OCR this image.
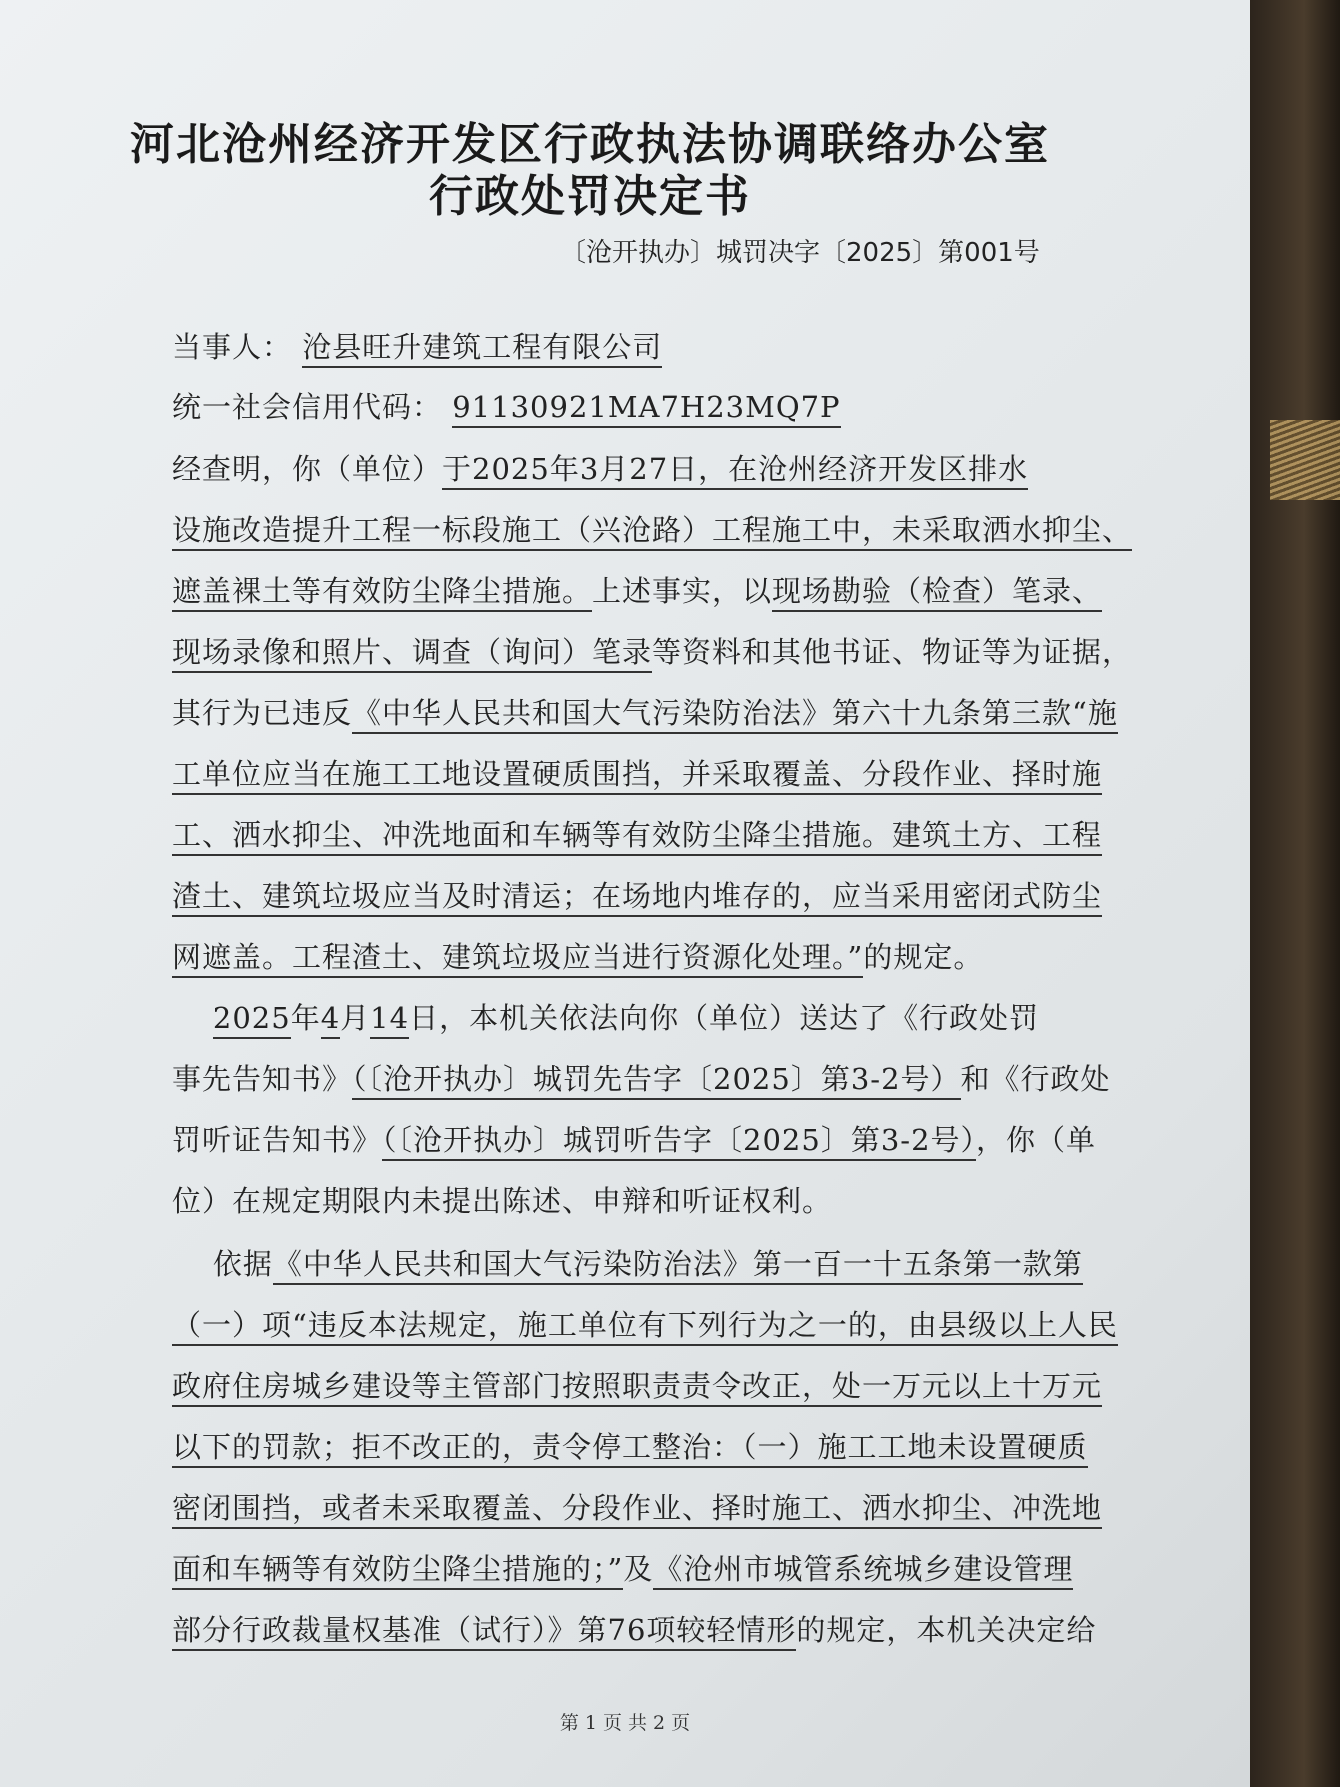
河北沧州经济开发区行政执法协调联络办公室
行政处罚决定书
〔沧开执办〕城罚决字〔2025〕第001号
当事人： 沧县旺升建筑工程有限公司
统一社会信用代码： 91130921MA7H23MQ7P
经查明，你（单位）于2025年3月27日，在沧州经济开发区排水
设施改造提升工程一标段施工（兴沧路）工程施工中，未采取洒水抑尘、
遮盖裸土等有效防尘降尘措施。上述事实，以现场勘验（检查）笔录、
现场录像和照片、调查（询问）笔录等资料和其他书证、物证等为证据，
其行为已违反《中华人民共和国大气污染防治法》第六十九条第三款“施
工单位应当在施工工地设置硬质围挡，并采取覆盖、分段作业、择时施
工、洒水抑尘、冲洗地面和车辆等有效防尘降尘措施。建筑土方、工程
渣土、建筑垃圾应当及时清运；在场地内堆存的，应当采用密闭式防尘
网遮盖。工程渣土、建筑垃圾应当进行资源化处理。”的规定。
2025年4月14日，本机关依法向你（单位）送达了《行政处罚
事先告知书》（〔沧开执办〕城罚先告字〔2025〕第3-2号）和《行政处
罚听证告知书》（〔沧开执办〕城罚听告字〔2025〕第3-2号），你（单
位）在规定期限内未提出陈述、申辩和听证权利。
依据《中华人民共和国大气污染防治法》第一百一十五条第一款第
（一）项“违反本法规定，施工单位有下列行为之一的，由县级以上人民
政府住房城乡建设等主管部门按照职责责令改正，处一万元以上十万元
以下的罚款；拒不改正的，责令停工整治：（一）施工工地未设置硬质
密闭围挡，或者未采取覆盖、分段作业、择时施工、洒水抑尘、冲洗地
面和车辆等有效防尘降尘措施的；”及《沧州市城管系统城乡建设管理
部分行政裁量权基准（试行）》第76项较轻情形的规定，本机关决定给
第 1 页 共 2 页
